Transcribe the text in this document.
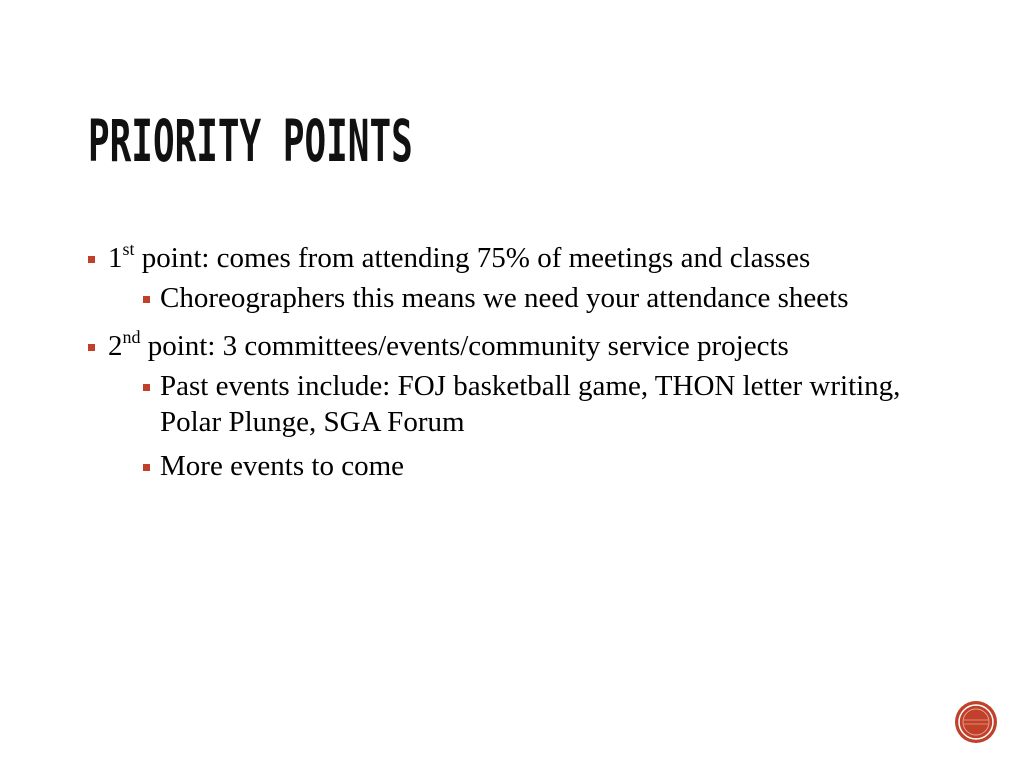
PRIORITY POINTS
1st point: comes from attending 75% of meetings and classes
Choreographers this means we need your attendance sheets
2nd point: 3 committees/events/community service projects
Past events include: FOJ basketball game, THON letter writing, Polar Plunge, SGA Forum
More events to come
